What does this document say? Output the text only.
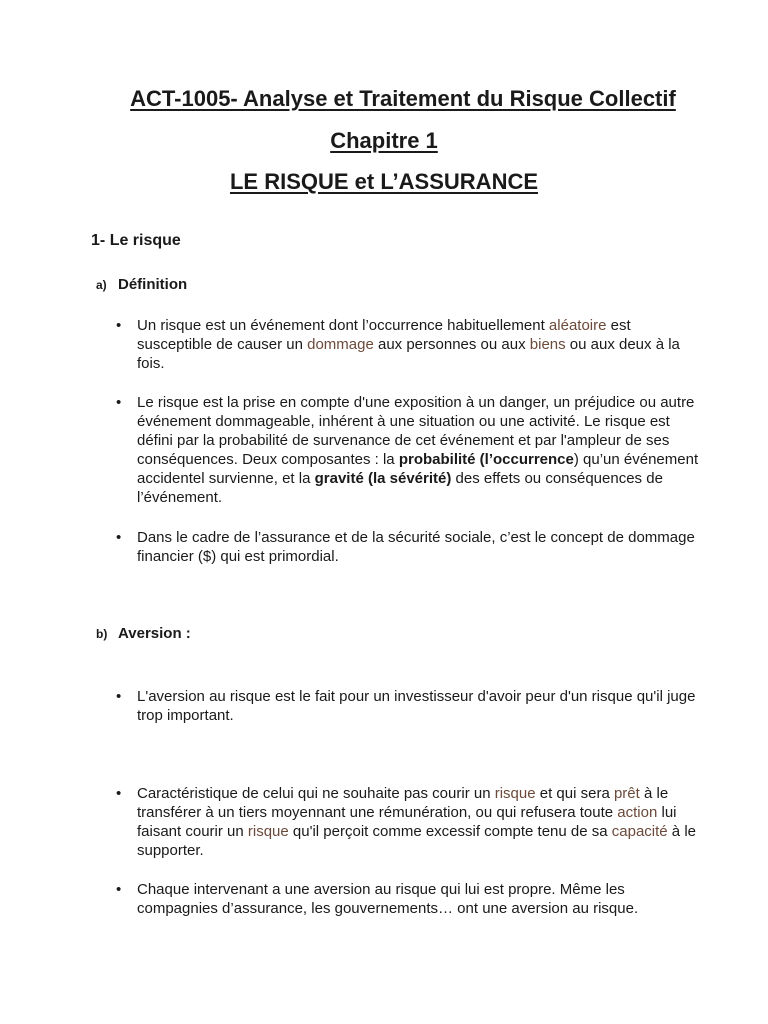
ACT-1005- Analyse et Traitement du Risque Collectif
Chapitre 1
LE RISQUE et L’ASSURANCE
1- Le risque
a) Définition
•	Un risque est un événement dont l’occurrence habituellement aléatoire est susceptible de causer un dommage aux personnes ou aux biens ou aux deux à la fois.
•	Le risque est la prise en compte d'une exposition à un danger, un préjudice ou autre événement dommageable, inhérent à une situation ou une activité. Le risque est défini par la probabilité de survenance de cet événement et par l'ampleur de ses conséquences. Deux composantes : la probabilité (l’occurrence) qu’un événement accidentel survienne, et la gravité (la sévérité) des effets ou conséquences de l’événement.
•	Dans le cadre de l’assurance et de la sécurité sociale, c’est le concept de dommage financier ($) qui est primordial.
b) Aversion :
•	L'aversion au risque est le fait pour un investisseur d'avoir peur d'un risque qu'il juge trop important.
•	Caractéristique de celui qui ne souhaite pas courir un risque et qui sera prêt à le transférer à un tiers moyennant une rémunération, ou qui refusera toute action lui faisant courir un risque qu'il perçoit comme excessif compte tenu de sa capacité à le supporter.
•	Chaque intervenant a une aversion au risque qui lui est propre. Même les compagnies d’assurance, les gouvernements… ont une aversion au risque.
